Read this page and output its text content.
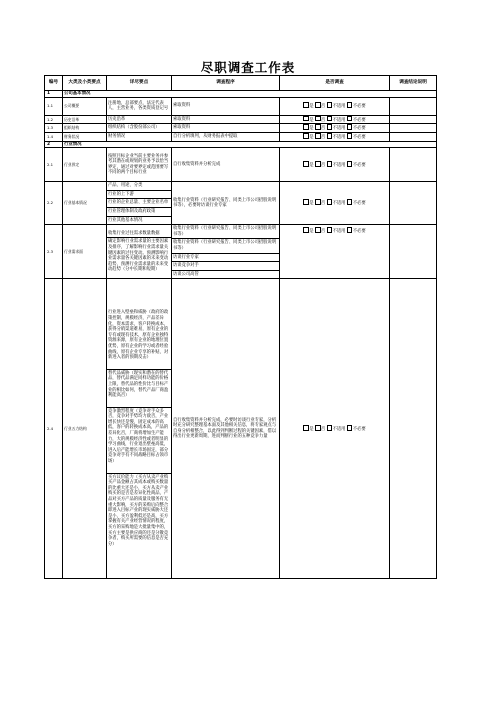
尽职调查工作表
编号	大类及小类要点	详尽要点	调查程序	是否调查	调查结论说明
1	公司基本情况				
1.1	公司概要	注册地，总部要点，法定代表人，主营业务，各类资质登记号	索取资料	是 否 不适用 不必要	
1.2	历史沿革	历史沿革	索取资料	是 否 不适用 不必要	
1.3	组织结构	组织结构（含股份部公司）	索取资料	是 否 不适用 不必要	
1.4	财务状况	财务情况	自行分析填列，从财务报表中提取	是 否 不适用 不必要	
2	行业情况				
2.1	行业界定	按照目标企业当前主要业务并参考其潜在或规划的业务予以恰当界定，通过对要界定或范围要写不同的两个目标行业	自行收集资料并分析完成	是 否 不适用 不必要	
2.2	行业基本情况	产品、用途、分类
行业的上下游
行业的企业总量、主要企业名单
行业管理体制及政府政策
行业其他基本情况	收集行业资料（行业研究报告、同类上市公司招股说明书等），必要时访谈行业专家	是 否 不适用 不必要	
2.3	行业需求面	收集行业过往需求数量数据
确定影响行业需求量的主要因素及排序，了解影响行业需求量关键因素的过往变动。预测影响行业需求量各关键因素的未来变动趋势，预测行业需求量的未来变动趋势（分中长期和短期）	收集行业资料（行业研究报告、同类上市公司招股说明书等）
收集行业资料（行业研究报告、同类上市公司招股说明书等）
访谈行业专家
访谈竞争对手
访谈公司高管	是 否 不适用 不必要	
2.4	行业五力结构	行业进入壁垒和威胁（政府的政策控制，规模经济，产品差异化，资本需求，客户转换成本，获得分销渠道难易，原有企业的专有或现有技术，原有企业独特资源来源，原有企业的地理位置优势，原有企业的学习或者经验曲线，原有企业专享的补贴，对新进入者的预期反击）
替代品威胁（现实和潜在的替代品，替代品满足同样功能的价格上限，替代品的性价比与目标产业的相比如何，替代产品厂商盈利能高否）
竞争激烈程度（竞争对手众多否，竞争对手势均力敌否，产业增长快还是慢，固定成本的高低，客户的转换成本高，产品的差异化否，厂商将增加生产能力，大的规模经济性或者明显的学习曲线，行业退出壁垒高低，进入后产能增长市场固定，部分竞争对手有不同战略目标占领市场）
买方议价能力（买方从卖产业购买产品金额占其成本或购买数量的比重大还是小，买方从卖产业购买的是否是差异化性商品，产品对买方产品的质量及服务有无重大影响，买方的采购后向整合即进入目标产业的现实威胁大还是小，买方盈利低还是高，买方掌握有关产业经营情况的程度，买方的采购地是大批量集中的，买方主要是供应商的还是分散竞争者，购买所需要的信息是否充分）	自行收集资料并分析完成，必要时访谈行业专家，分析时充分研究整理基本面及其他相关信息，将专家观点与自身分析相整合，以此得到判断过程的关键因素，借以得出行业更新周期，进而判断行业的五种竞争力量	是 否 不适用 不必要	
